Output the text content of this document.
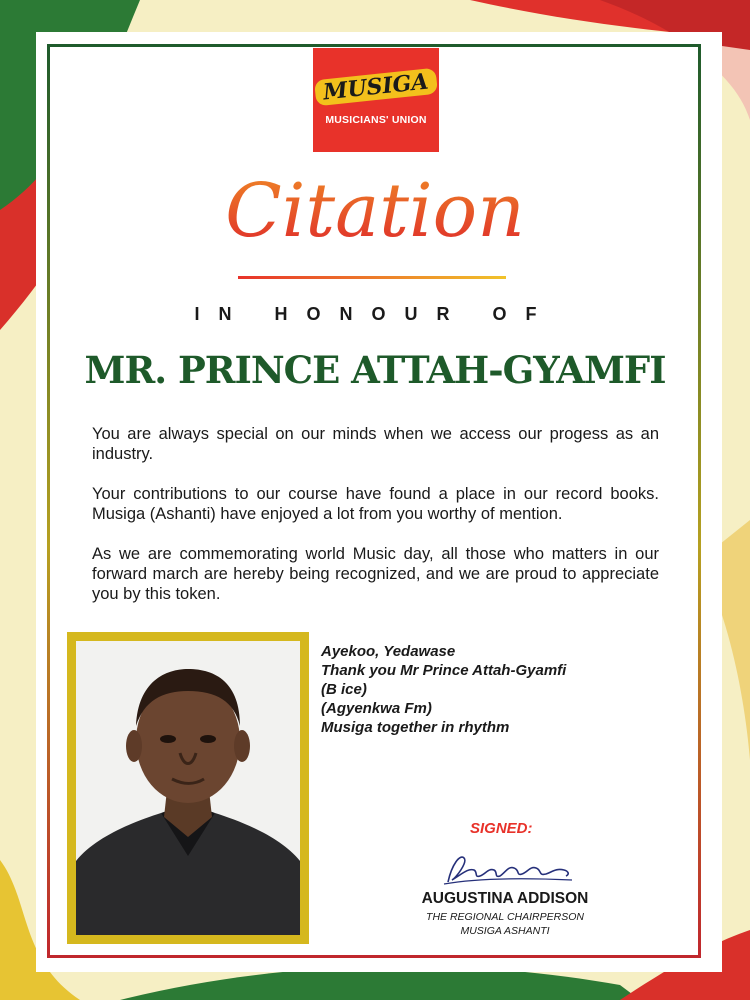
MUSIGA
MUSICIANS' UNION
Citation
IN HONOUR OF
MR. PRINCE ATTAH-GYAMFI

You are always special on our minds when we access our progess as an industry.

Your contributions to our course have found a place in our record books. Musiga (Ashanti) have enjoyed a lot from you worthy of mention.

As we are commemorating world Music day, all those who matters in our forward march are hereby being recognized, and we are proud to appreciate you by this token.

Ayekoo, Yedawase
Thank you Mr Prince Attah-Gyamfi
(B ice)
(Agyenkwa Fm)
Musiga together in rhythm
SIGNED:
AUGUSTINA ADDISON
THE REGIONAL CHAIRPERSON
MUSIGA ASHANTI
